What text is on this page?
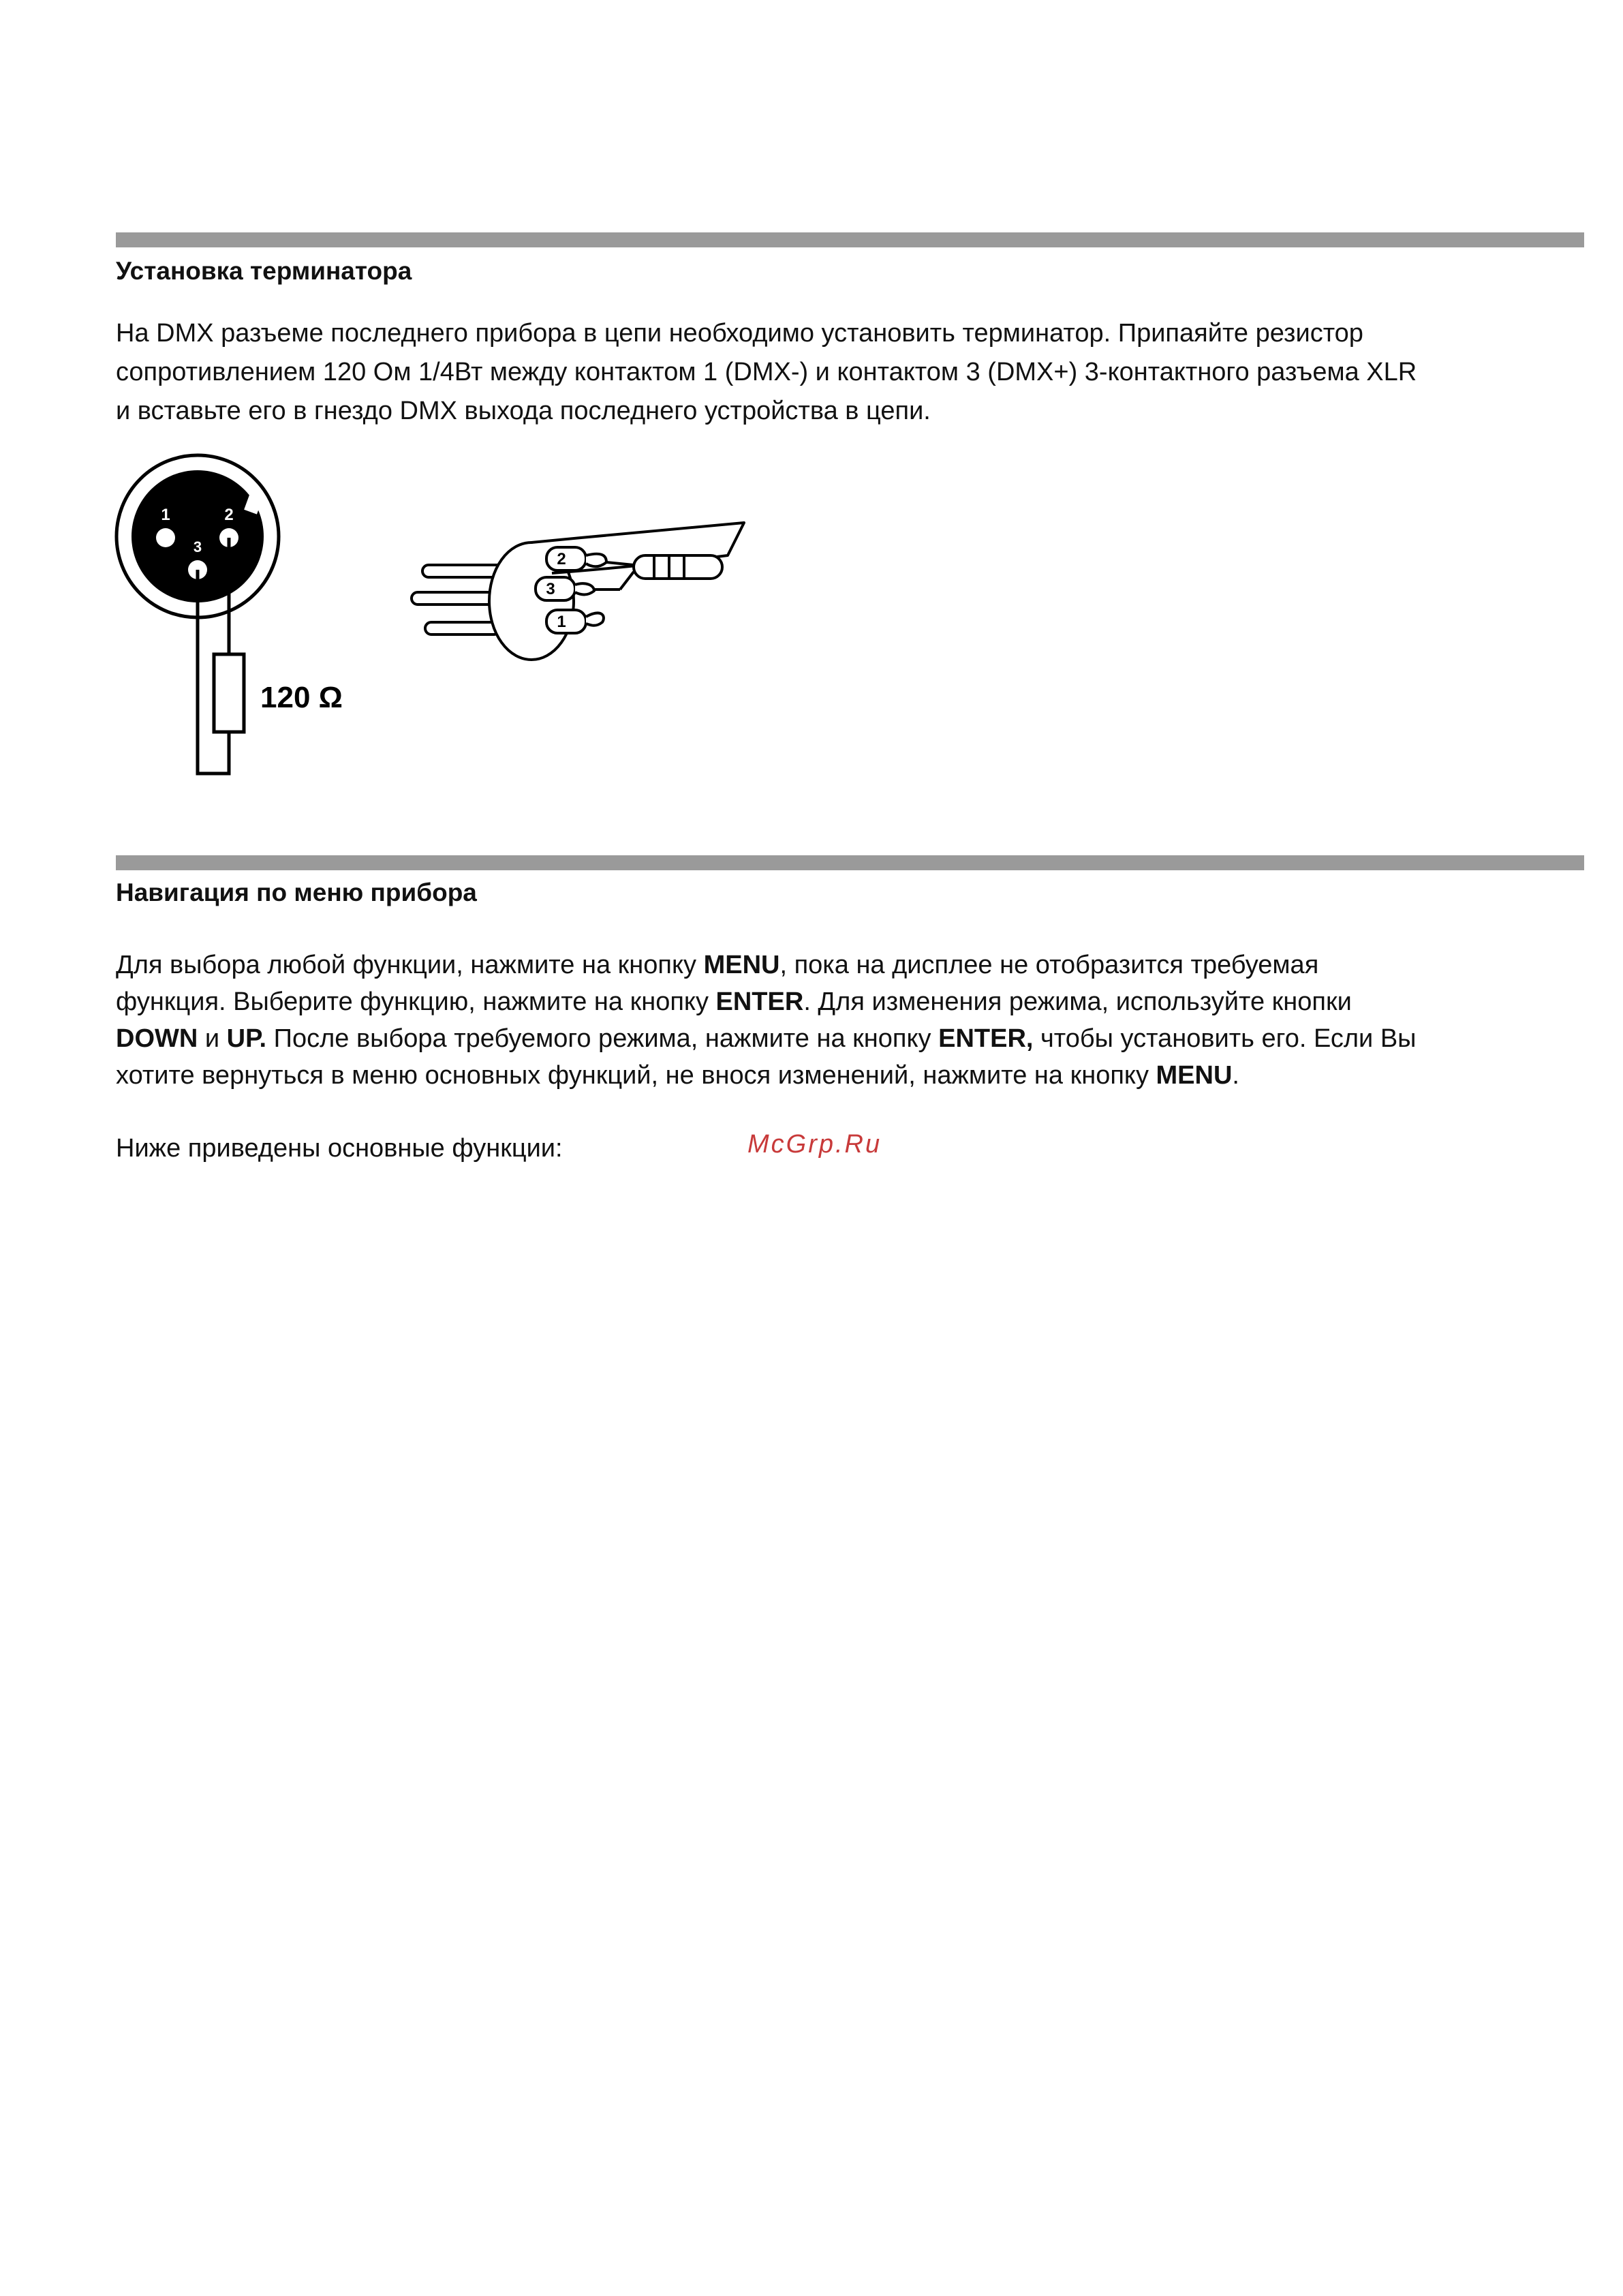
Установка терминатора

На DMX разъеме последнего прибора в цепи необходимо установить терминатор. Припаяйте резистор
сопротивлением 120 Ом 1/4Вт между контактом 1 (DMX-) и контактом 3 (DMX+) 3-контактного разъема XLR
и вставьте его в гнездо DMX выхода последнего устройства в цепи.

1	2
3
120 Ω
2
3
1
Навигация по меню прибора

Для выбора любой функции, нажмите на кнопку MENU, пока на дисплее не отобразится требуемая
функция. Выберите функцию, нажмите на кнопку ENTER. Для изменения режима, используйте кнопки
DOWN и UP. После выбора требуемого режима, нажмите на кнопку ENTER, чтобы установить его. Если Вы
хотите вернуться в меню основных функций, не внося изменений, нажмите на кнопку MENU.

Ниже приведены основные функции:	McGrp.Ru
